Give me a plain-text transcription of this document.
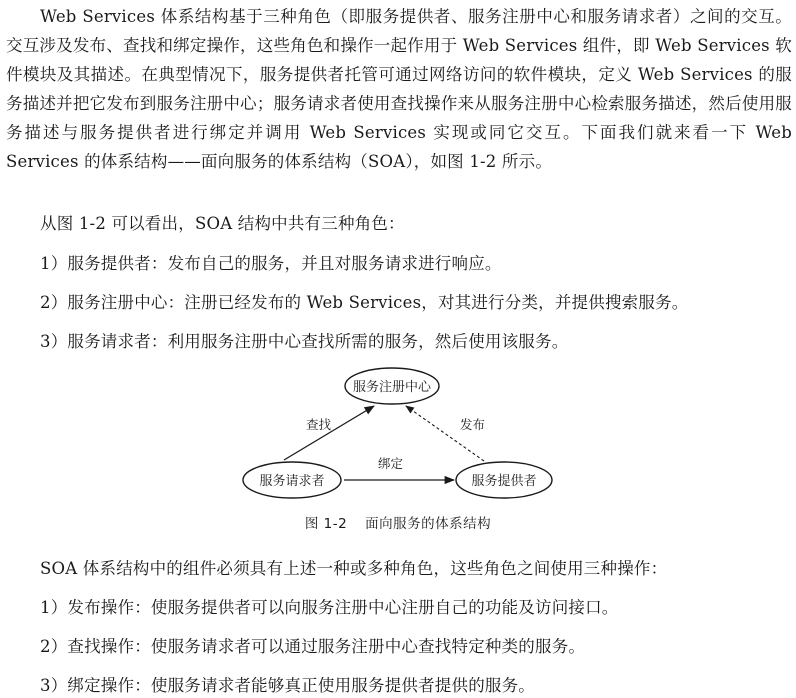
Web Services 体系结构基于三种角色（即服务提供者、服务注册中心和服务请求者）之间的交互。交互涉及发布、查找和绑定操作，这些角色和操作一起作用于 Web Services 组件，即 Web Services 软件模块及其描述。在典型情况下，服务提供者托管可通过网络访问的软件模块，定义 Web Services 的服务描述并把它发布到服务注册中心；服务请求者使用查找操作来从服务注册中心检索服务描述，然后使用服务描述与服务提供者进行绑定并调用 Web Services 实现或同它交互。下面我们就来看一下 Web Services 的体系结构——面向服务的体系结构（SOA），如图 1-2 所示。

从图 1-2 可以看出，SOA 结构中共有三种角色：

1）服务提供者：发布自己的服务，并且对服务请求进行响应。

2）服务注册中心：注册已经发布的 Web Services，对其进行分类，并提供搜索服务。

3）服务请求者：利用服务注册中心查找所需的服务，然后使用该服务。

服务注册中心
服务请求者	服务提供者
查找	发布
绑定
图 1-2 面向服务的体系结构

SOA 体系结构中的组件必须具有上述一种或多种角色，这些角色之间使用三种操作：

1）发布操作：使服务提供者可以向服务注册中心注册自己的功能及访问接口。

2）查找操作：使服务请求者可以通过服务注册中心查找特定种类的服务。

3）绑定操作：使服务请求者能够真正使用服务提供者提供的服务。
